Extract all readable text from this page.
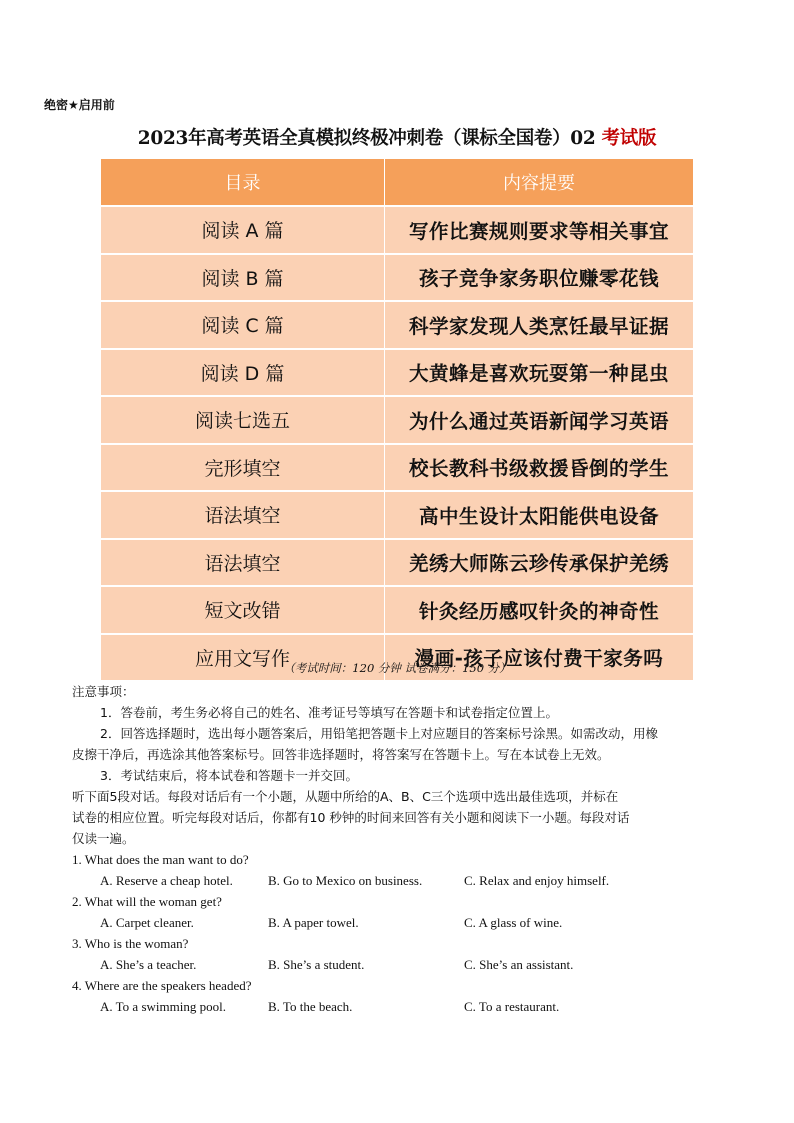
绝密★启用前
2023年高考英语全真模拟终极冲刺卷（课标全国卷）02 考试版
目录	内容提要
阅读 A 篇	写作比赛规则要求等相关事宜
阅读 B 篇	孩子竞争家务职位赚零花钱
阅读 C 篇	科学家发现人类烹饪最早证据
阅读 D 篇	大黄蜂是喜欢玩耍第一种昆虫
阅读七选五	为什么通过英语新闻学习英语
完形填空	校长教科书级救援昏倒的学生
语法填空	高中生设计太阳能供电设备
语法填空	羌绣大师陈云珍传承保护羌绣
短文改错	针灸经历感叹针灸的神奇性
应用文写作	漫画-孩子应该付费干家务吗
（考试时间：120 分钟 试卷满分：150 分）

注意事项：

1．答卷前，考生务必将自己的姓名、准考证号等填写在答题卡和试卷指定位置上。

2．回答选择题时，选出每小题答案后，用铅笔把答题卡上对应题目的答案标号涂黑。如需改动，用橡

皮擦干净后，再选涂其他答案标号。回答非选择题时，将答案写在答题卡上。写在本试卷上无效。

3．考试结束后，将本试卷和答题卡一并交回。

听下面5段对话。每段对话后有一个小题，从题中所给的A、B、C三个选项中选出最佳选项，并标在

试卷的相应位置。听完每段对话后，你都有10 秒钟的时间来回答有关小题和阅读下一小题。每段对话

仅读一遍。

1. What does the man want to do?

A. Reserve a cheap hotel.	B. Go to Mexico on business.	C. Relax and enjoy himself.

2. What will the woman get?

A. Carpet cleaner.	B. A paper towel.	C. A glass of wine.

3. Who is the woman?

A. She’s a teacher.	B. She’s a student.	C. She’s an assistant.

4. Where are the speakers headed?

A. To a swimming pool.	B. To the beach.	C. To a restaurant.
